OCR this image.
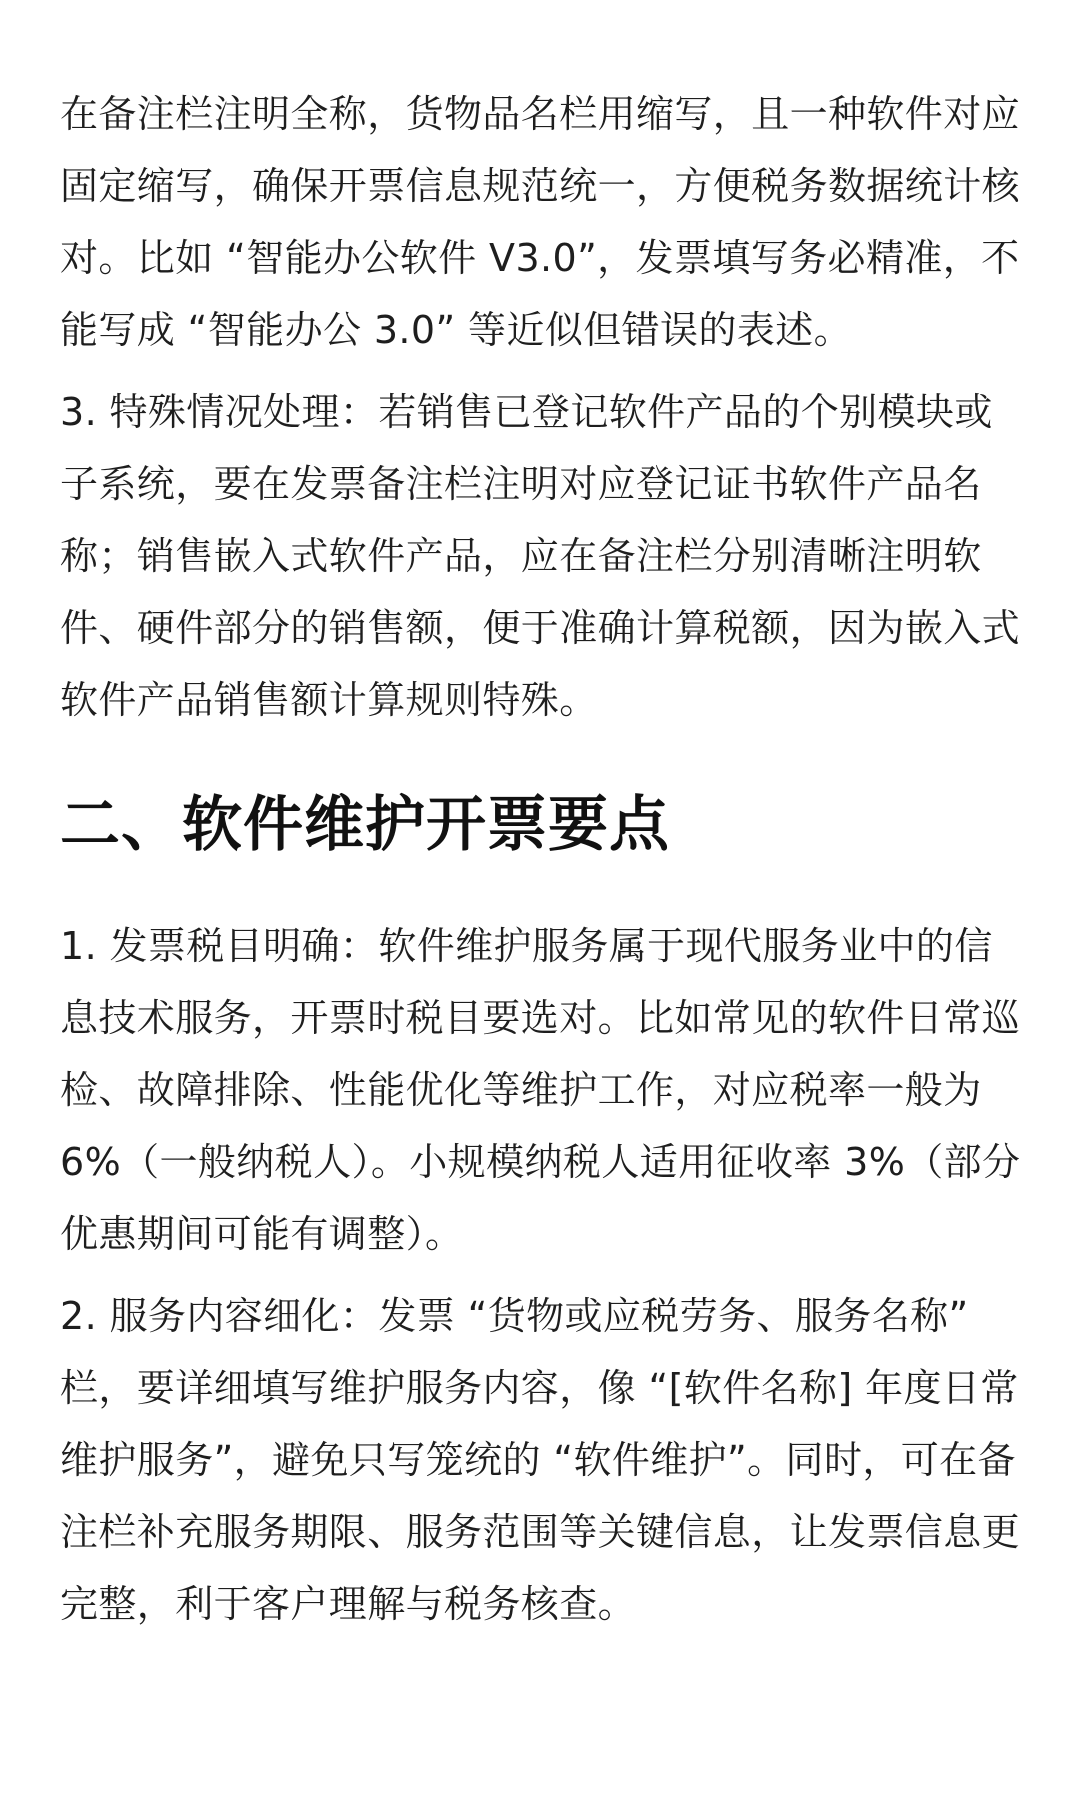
在备注栏注明全称，货物品名栏用缩写，且一种软件对应固定缩写，确保开票信息规范统一，方便税务数据统计核对。比如 “智能办公软件 V3.0”，发票填写务必精准，不能写成 “智能办公 3.0” 等近似但错误的表述。

3. 特殊情况处理：若销售已登记软件产品的个别模块或子系统，要在发票备注栏注明对应登记证书软件产品名称；销售嵌入式软件产品，应在备注栏分别清晰注明软件、硬件部分的销售额，便于准确计算税额，因为嵌入式软件产品销售额计算规则特殊。

二、软件维护开票要点

1. 发票税目明确：软件维护服务属于现代服务业中的信息技术服务，开票时税目要选对。比如常见的软件日常巡检、故障排除、性能优化等维护工作，对应税率一般为 6%（一般纳税人）。小规模纳税人适用征收率 3%（部分优惠期间可能有调整）。

2. 服务内容细化：发票 “货物或应税劳务、服务名称” 栏，要详细填写维护服务内容，像 “[软件名称] 年度日常维护服务”，避免只写笼统的 “软件维护”。同时，可在备注栏补充服务期限、服务范围等关键信息，让发票信息更完整，利于客户理解与税务核查。
